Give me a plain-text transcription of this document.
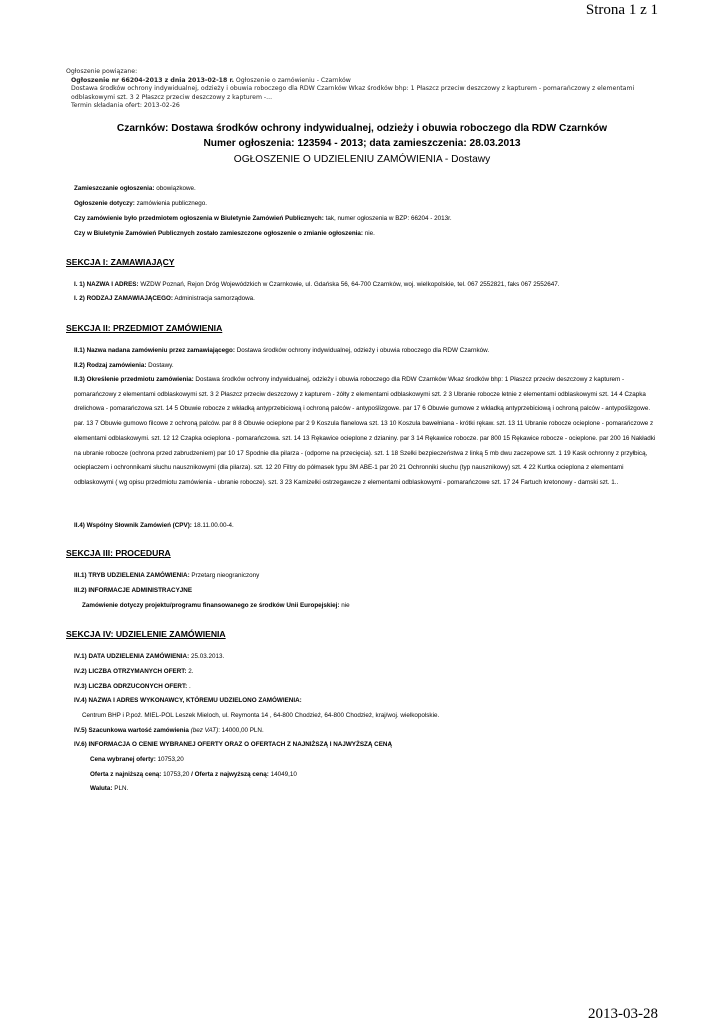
Strona 1 z 1
Ogłoszenie powiązane:
Ogłoszenie nr 66204-2013 z dnia 2013-02-18 r. Ogłoszenie o zamówieniu - Czarnków
Dostawa środków ochrony indywidualnej, odzieży i obuwia roboczego dla RDW Czarnków Wkaz środków bhp: 1 Płaszcz przeciw deszczowy z kapturem - pomarańczowy z elementami odblaskowymi szt. 3 2 Płaszcz przeciw deszczowy z kapturem -...
Termin składania ofert: 2013-02-26
Czarnków: Dostawa środków ochrony indywidualnej, odzieży i obuwia roboczego dla RDW Czarnków
Numer ogłoszenia: 123594 - 2013; data zamieszczenia: 28.03.2013
OGŁOSZENIE O UDZIELENIU ZAMÓWIENIA - Dostawy
Zamieszczanie ogłoszenia: obowiązkowe.
Ogłoszenie dotyczy: zamówienia publicznego.
Czy zamówienie było przedmiotem ogłoszenia w Biuletynie Zamówień Publicznych: tak, numer ogłoszenia w BZP: 66204 - 2013r.
Czy w Biuletynie Zamówień Publicznych zostało zamieszczone ogłoszenie o zmianie ogłoszenia: nie.
SEKCJA I: ZAMAWIAJĄCY
I. 1) NAZWA I ADRES: WZDW Poznań, Rejon Dróg Wojewódzkich w Czarnkowie, ul. Gdańska 56, 64-700 Czarnków, woj. wielkopolskie, tel. 067 2552821, faks 067 2552647.
I. 2) RODZAJ ZAMAWIAJĄCEGO: Administracja samorządowa.
SEKCJA II: PRZEDMIOT ZAMÓWIENIA
II.1) Nazwa nadana zamówieniu przez zamawiającego: Dostawa środków ochrony indywidualnej, odzieży i obuwia roboczego dla RDW Czarnków.
II.2) Rodzaj zamówienia: Dostawy.
II.3) Określenie przedmiotu zamówienia: Dostawa środków ochrony indywidualnej, odzieży i obuwia roboczego dla RDW Czarnków Wkaz środków bhp: 1 Płaszcz przeciw deszczowy z kapturem - pomarańczowy z elementami odblaskowymi szt. 3 2 Płaszcz przeciw deszczowy z kapturem - żółty z elementami odblaskowymi szt. 2 3 Ubranie robocze letnie z elementami odblaskowymi szt. 14 4 Czapka drelichowa - pomarańczowa szt. 14 5 Obuwie robocze z wkładką antyprzebiciową i ochroną palców - antypoślizgowe. par 17 6 Obuwie gumowe z wkładką antyprzebiciową i ochroną palców - antypoślizgowe. par. 13 7 Obuwie gumowo filcowe z ochroną palców. par 8 8 Obuwie ocieplone par 2 9 Koszula flanelowa szt. 13 10 Koszula bawełniana - krótki rękaw. szt. 13 11 Ubranie robocze ocieplone - pomarańczowe z elementami odblaskowymi. szt. 12 12 Czapka ocieplona - pomarańczowa. szt. 14 13 Rękawice ocieplone z dzianiny. par 3 14 Rękawice robocze. par 800 15 Rękawice robocze - ocieplone. par 200 16 Nakładki na ubranie robocze (ochrona przed zabrudzeniem) par 10 17 Spodnie dla pilarza - (odporne na przecięcia). szt. 1 18 Szelki bezpieczeństwa z linką 5 mb dwu zaczepowe szt. 1 19 Kask ochronny z przyłbicą, ocieplaczem i ochronnikami słuchu nausznikowymi (dla pilarza). szt. 12 20 Filtry do półmasek typu 3M ABE-1 par 20 21 Ochronniki słuchu (typ nausznikowy) szt. 4 22 Kurtka ocieplona z elementami odblaskowymi ( wg opisu przedmiotu zamówienia - ubranie robocze). szt. 3 23 Kamizelki ostrzegawcze z elementami odblaskowymi - pomarańczowe szt. 17 24 Fartuch kretonowy - damski szt. 1..
II.4) Wspólny Słownik Zamówień (CPV): 18.11.00.00-4.
SEKCJA III: PROCEDURA
III.1) TRYB UDZIELENIA ZAMÓWIENIA: Przetarg nieograniczony
III.2) INFORMACJE ADMINISTRACYJNE
Zamówienie dotyczy projektu/programu finansowanego ze środków Unii Europejskiej: nie
SEKCJA IV: UDZIELENIE ZAMÓWIENIA
IV.1) DATA UDZIELENIA ZAMÓWIENIA: 25.03.2013.
IV.2) LICZBA OTRZYMANYCH OFERT: 2.
IV.3) LICZBA ODRZUCONYCH OFERT: .
IV.4) NAZWA I ADRES WYKONAWCY, KTÓREMU UDZIELONO ZAMÓWIENIA:
Centrum BHP i P.poż. MIEL-POL Leszek Mieloch, ul. Reymonta 14 , 64-800 Chodzież, 64-800 Chodzież, kraj/woj. wielkopolskie.
IV.5) Szacunkowa wartość zamówienia (bez VAT): 14000,00 PLN.
IV.6) INFORMACJA O CENIE WYBRANEJ OFERTY ORAZ O OFERTACH Z NAJNIŻSZĄ I NAJWYŻSZĄ CENĄ
Cena wybranej oferty: 10753,20
Oferta z najniższą ceną: 10753,20 / Oferta z najwyższą ceną: 14049,10
Waluta: PLN.
2013-03-28
